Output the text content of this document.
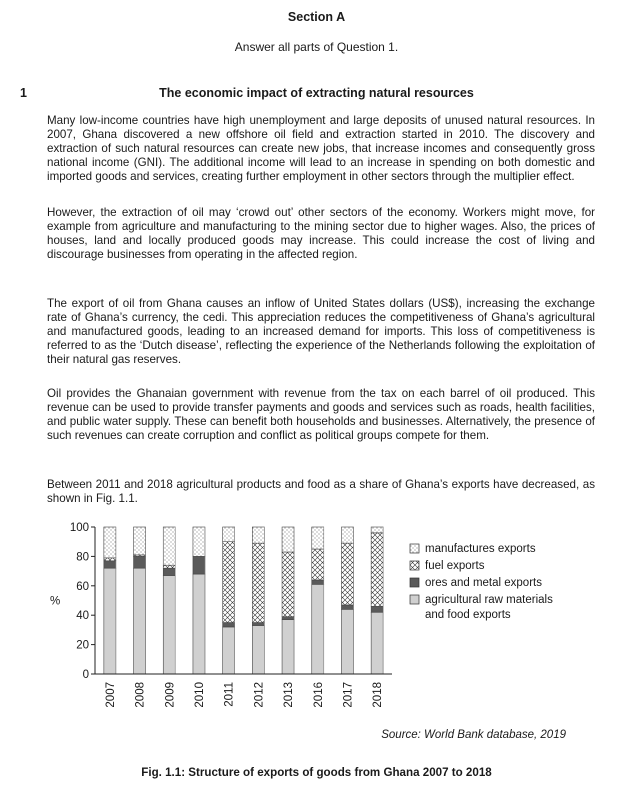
Section A
Answer all parts of Question 1.
1	The economic impact of extracting natural resources

Many low-income countries have high unemployment and large deposits of unused natural resources. In 2007, Ghana discovered a new offshore oil field and extraction started in 2010. The discovery and extraction of such natural resources can create new jobs, that increase incomes and consequently gross national income (GNI). The additional income will lead to an increase in spending on both domestic and imported goods and services, creating further employment in other sectors through the multiplier effect.

However, the extraction of oil may ‘crowd out’ other sectors of the economy. Workers might move, for example from agriculture and manufacturing to the mining sector due to higher wages. Also, the prices of houses, land and locally produced goods may increase. This could increase the cost of living and discourage businesses from operating in the affected region.

The export of oil from Ghana causes an inflow of United States dollars (US$), increasing the exchange rate of Ghana’s currency, the cedi. This appreciation reduces the competitiveness of Ghana’s agricultural and manufactured goods, leading to an increased demand for imports. This loss of competitiveness is referred to as the ‘Dutch disease’, reflecting the experience of the Netherlands following the exploitation of their natural gas reserves.

Oil provides the Ghanaian government with revenue from the tax on each barrel of oil produced. This revenue can be used to provide transfer payments and goods and services such as roads, health facilities, and public water supply. These can benefit both households and businesses. Alternatively, the presence of such revenues can create corruption and conflict as political groups compete for them.

Between 2011 and 2018 agricultural products and food as a share of Ghana’s exports have decreased, as shown in Fig. 1.1.

0
20
40
60
80
100
%
2007 2008 2009 2010 2011 2012 2013 2016 2017 2018
manufactures exports
fuel exports
ores and metal exports
agricultural raw materials
and food exports
Source: World Bank database, 2019
Fig. 1.1: Structure of exports of goods from Ghana 2007 to 2018
